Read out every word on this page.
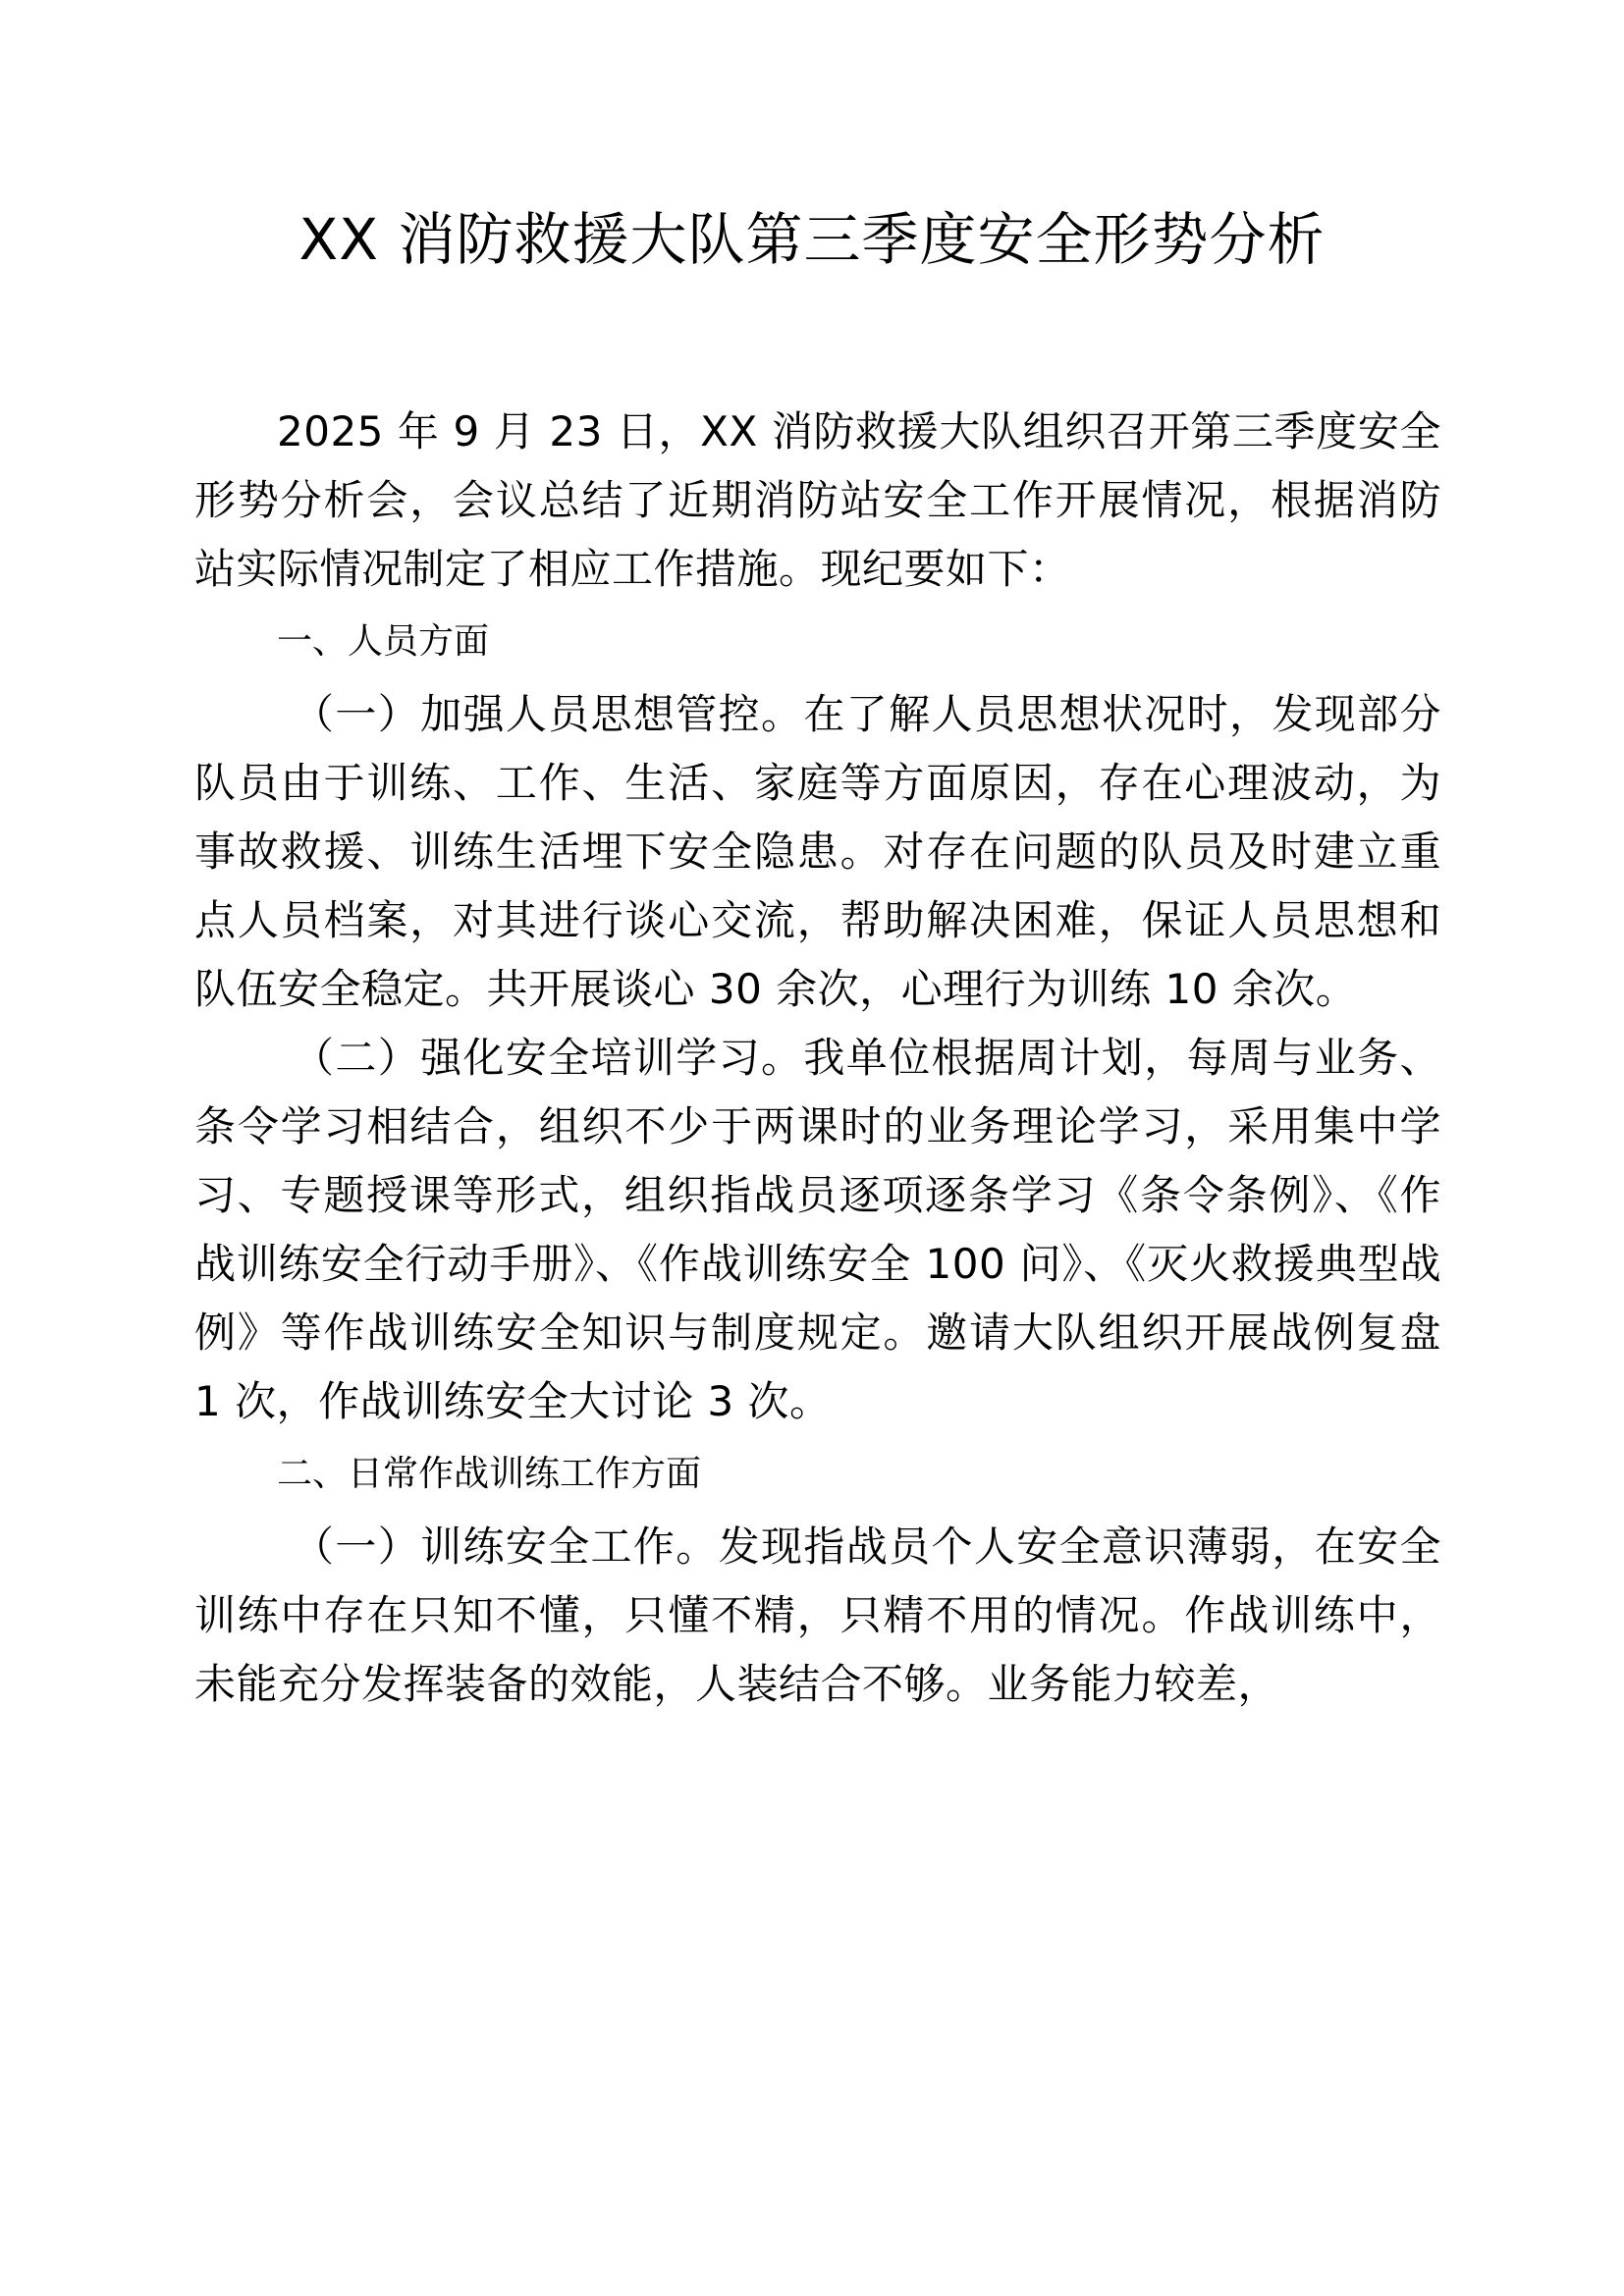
XX 消防救援大队第三季度安全形势分析

2025 年 9 月 23 日，XX 消防救援大队组织召开第三季度安全形势分析会，会议总结了近期消防站安全工作开展情况，根据消防站实际情况制定了相应工作措施。现纪要如下：

一、人员方面

（一）加强人员思想管控。在了解人员思想状况时，发现部分队员由于训练、工作、生活、家庭等方面原因，存在心理波动，为事故救援、训练生活埋下安全隐患。对存在问题的队员及时建立重点人员档案，对其进行谈心交流，帮助解决困难，保证人员思想和队伍安全稳定。共开展谈心 30 余次，心理行为训练 10 余次。

（二）强化安全培训学习。我单位根据周计划，每周与业务、条令学习相结合，组织不少于两课时的业务理论学习，采用集中学习、专题授课等形式，组织指战员逐项逐条学习《条令条例》、《作战训练安全行动手册》、《作战训练安全 100 问》、《灭火救援典型战例》等作战训练安全知识与制度规定。邀请大队组织开展战例复盘 1 次，作战训练安全大讨论 3 次。

二、日常作战训练工作方面

（一）训练安全工作。发现指战员个人安全意识薄弱，在安全训练中存在只知不懂，只懂不精，只精不用的情况。作战训练中，未能充分发挥装备的效能，人装结合不够。业务能力较差，
